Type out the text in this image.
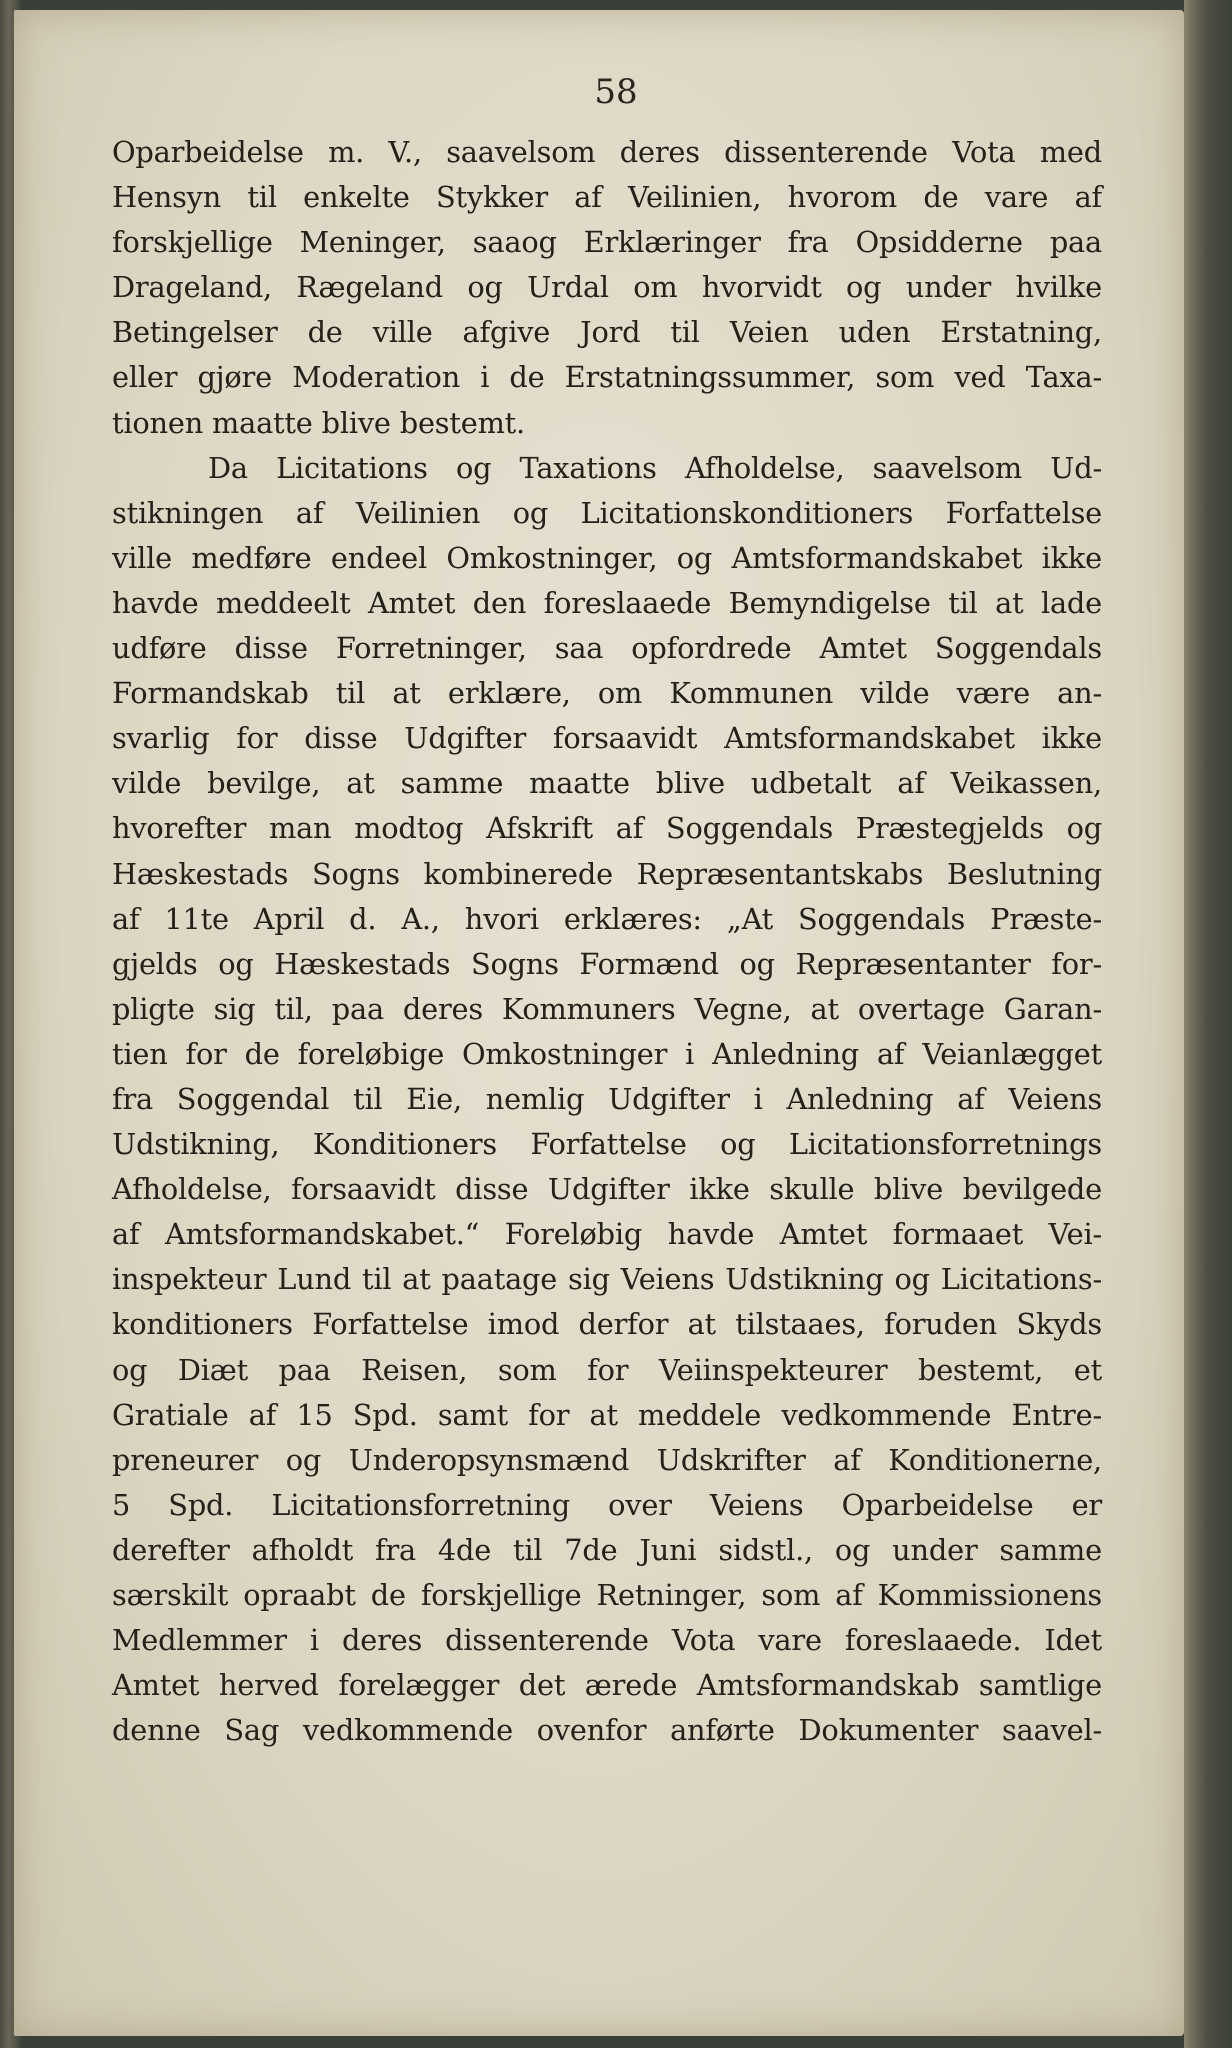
58
Oparbeidelse m. V., saavelsom deres dissenterende Vota med
Hensyn til enkelte Stykker af Veilinien, hvorom de vare af
forskjellige Meninger, saaog Erklæringer fra Opsidderne paa
Drageland, Rægeland og Urdal om hvorvidt og under hvilke
Betingelser de ville afgive Jord til Veien uden Erstatning,
eller gjøre Moderation i de Erstatningssummer, som ved Taxa-
tionen maatte blive bestemt.
Da Licitations og Taxations Afholdelse, saavelsom Ud-
stikningen af Veilinien og Licitationskonditioners Forfattelse
ville medføre endeel Omkostninger, og Amtsformandskabet ikke
havde meddeelt Amtet den foreslaaede Bemyndigelse til at lade
udføre disse Forretninger, saa opfordrede Amtet Soggendals
Formandskab til at erklære, om Kommunen vilde være an-
svarlig for disse Udgifter forsaavidt Amtsformandskabet ikke
vilde bevilge, at samme maatte blive udbetalt af Veikassen,
hvorefter man modtog Afskrift af Soggendals Præstegjelds og
Hæskestads Sogns kombinerede Repræsentantskabs Beslutning
af 11te April d. A., hvori erklæres: „At Soggendals Præste-
gjelds og Hæskestads Sogns Formænd og Repræsentanter for-
pligte sig til, paa deres Kommuners Vegne, at overtage Garan-
tien for de foreløbige Omkostninger i Anledning af Veianlægget
fra Soggendal til Eie, nemlig Udgifter i Anledning af Veiens
Udstikning, Konditioners Forfattelse og Licitationsforretnings
Afholdelse, forsaavidt disse Udgifter ikke skulle blive bevilgede
af Amtsformandskabet.“ Foreløbig havde Amtet formaaet Vei-
inspekteur Lund til at paatage sig Veiens Udstikning og Licitations-
konditioners Forfattelse imod derfor at tilstaaes, foruden Skyds
og Diæt paa Reisen, som for Veiinspekteurer bestemt, et
Gratiale af 15 Spd. samt for at meddele vedkommende Entre-
preneurer og Underopsynsmænd Udskrifter af Konditionerne,
5 Spd. Licitationsforretning over Veiens Oparbeidelse er
derefter afholdt fra 4de til 7de Juni sidstl., og under samme
særskilt opraabt de forskjellige Retninger, som af Kommissionens
Medlemmer i deres dissenterende Vota vare foreslaaede. Idet
Amtet herved forelægger det ærede Amtsformandskab samtlige
denne Sag vedkommende ovenfor anførte Dokumenter saavel-
